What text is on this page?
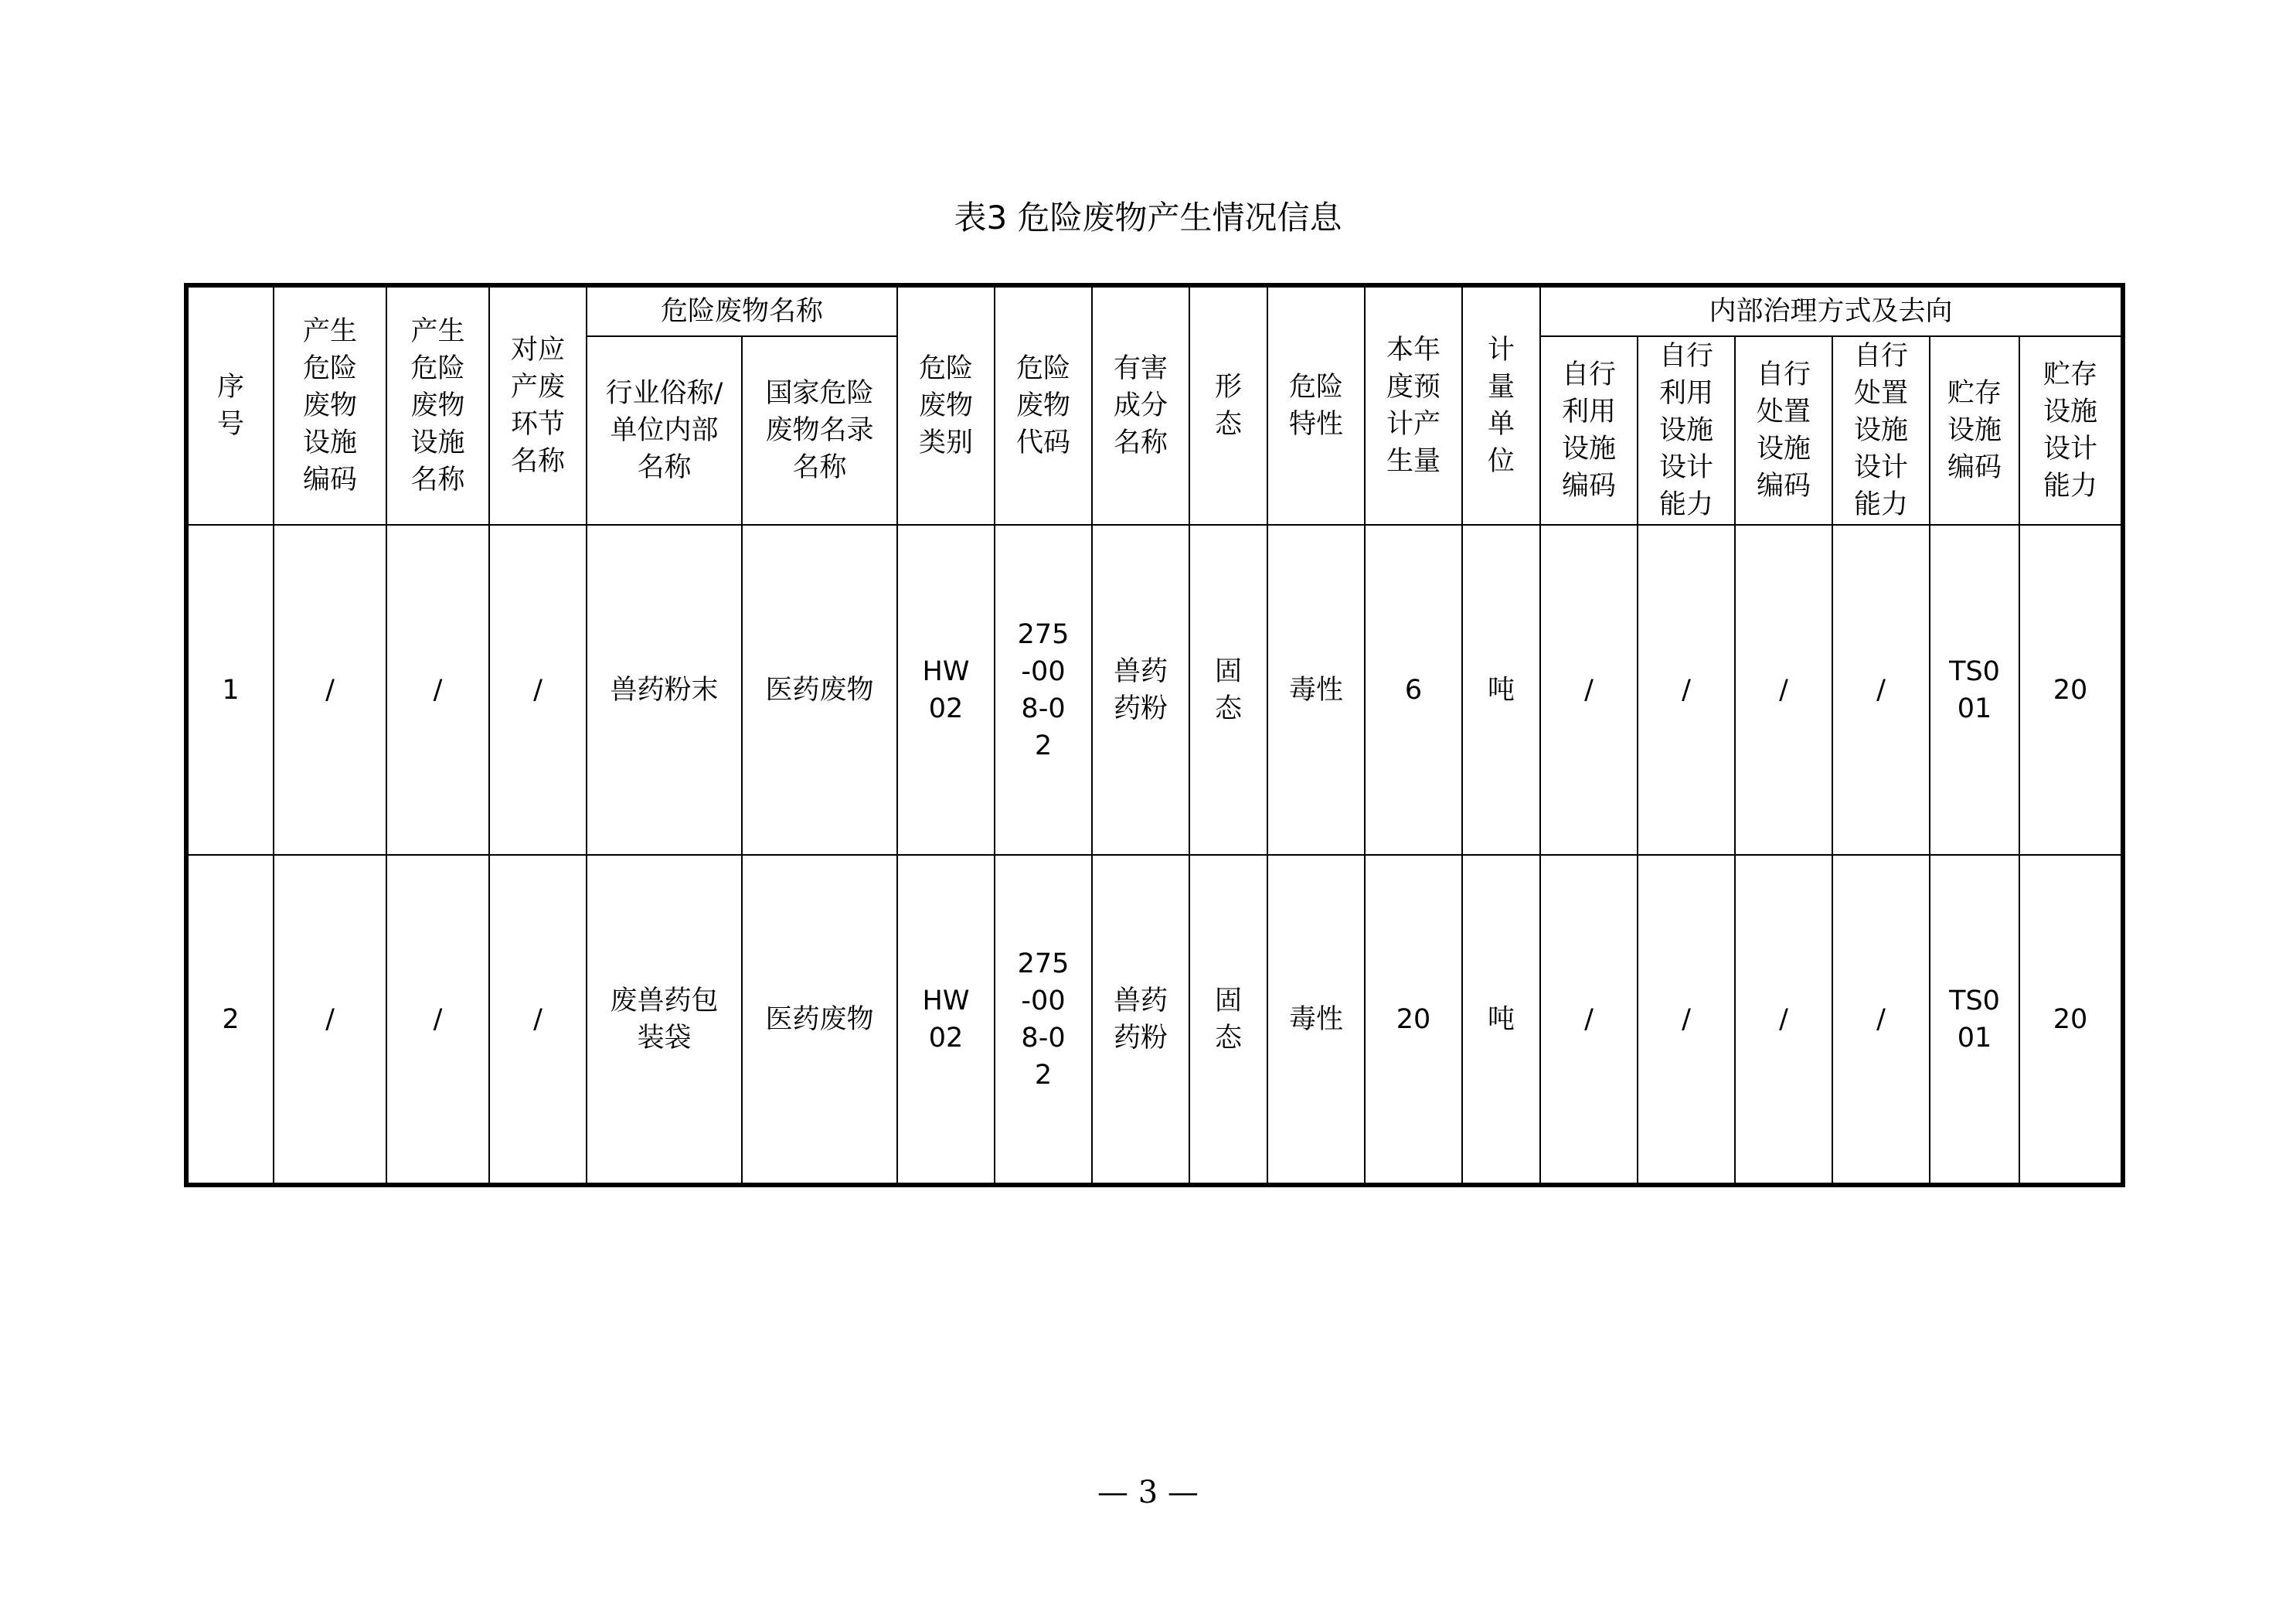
表3 危险废物产生情况信息
序号	产生危险废物设施编码	产生危险废物设施名称	对应产废环节名称	危险废物名称		危险废物类别	危险废物代码	有害成分名称	形态	危险特性	本年度预计产生量	计量单位	内部治理方式及去向					
				行业俗称/单位内部名称	国家危险废物名录名称								自行利用设施编码	自行利用设施设计能力	自行处置设施编码	自行处置设施设计能力	贮存设施编码	贮存设施设计能力
1	/	/	/	兽药粉末	医药废物	HW02	275-008-02	兽药药粉	固态	毒性	6	吨	/	/	/	/	TS001	20
2	/	/	/	废兽药包装袋	医药废物	HW02	275-008-02	兽药药粉	固态	毒性	20	吨	/	/	/	/	TS001	20
— 3 —
